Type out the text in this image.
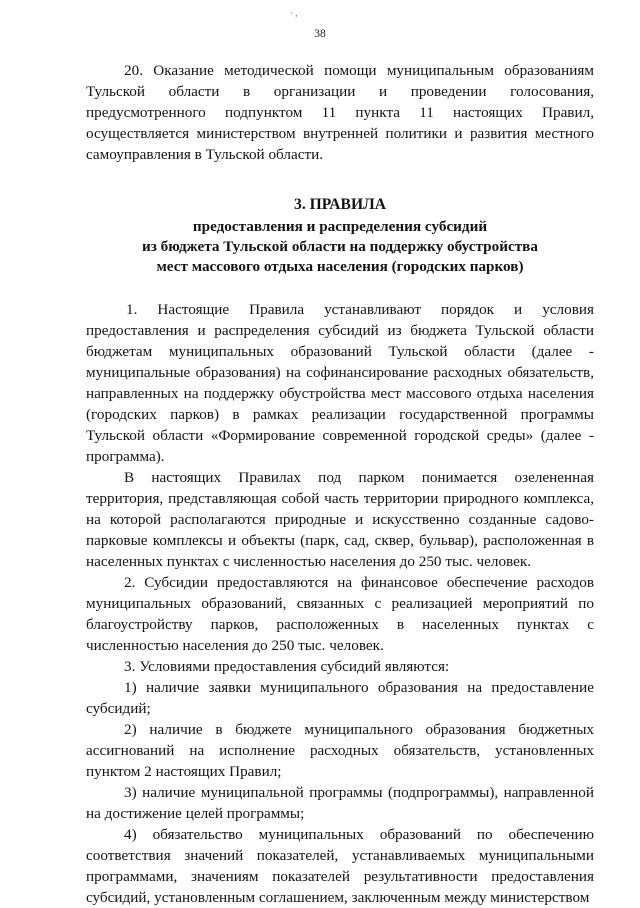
· ,
38

20. Оказание методической помощи муниципальным образованиям Тульской области в организации и проведении голосования, предусмотренного подпунктом 11 пункта 11 настоящих Правил, осуществляется министерством внутренней политики и развития местного самоуправления в Тульской области.

3. ПРАВИЛА

предоставления и распределения субсидий

из бюджета Тульской области на поддержку обустройства

мест массового отдыха населения (городских парков)

1. Настоящие Правила устанавливают порядок и условия предоставления и распределения субсидий из бюджета Тульской области бюджетам муниципальных образований Тульской области (далее - муниципальные образования) на софинансирование расходных обязательств, направленных на поддержку обустройства мест массового отдыха населения (городских парков) в рамках реализации государственной программы Тульской области «Формирование современной городской среды» (далее - программа).

В настоящих Правилах под парком понимается озелененная территория, представляющая собой часть территории природного комплекса, на которой располагаются природные и искусственно созданные садово-паркoвые комплексы и объекты (парк, сад, сквер, бульвар), расположенная в населенных пунктах с численностью населения до 250 тыс. человек.

2. Субсидии предоставляются на финансовое обеспечение расходов муниципальных образований, связанных с реализацией мероприятий по благоустройству парков, расположенных в населенных пунктах с численностью населения до 250 тыс. человек.

3. Условиями предоставления субсидий являются:

1) наличие заявки муниципального образования на предоставление субсидий;

2) наличие в бюджете муниципального образования бюджетных ассигнований на исполнение расходных обязательств, установленных пунктом 2 настоящих Правил;

3) наличие муниципальной программы (подпрограммы), направленной на достижение целей программы;

4) обязательство муниципальных образований по обеспечению соответствия значений показателей, устанавливаемых муниципальными программами, значениям показателей результативности предоставления субсидий, установленным соглашением, заключенным между министерством
